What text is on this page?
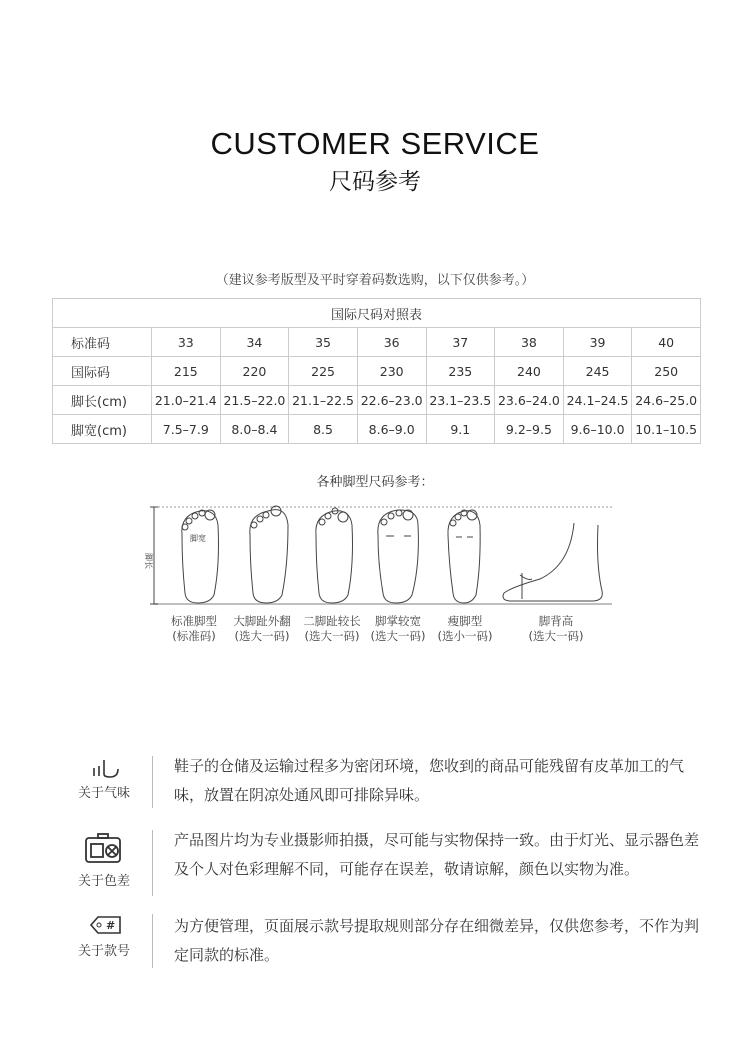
CUSTOMER SERVICE
尺码参考
（建议参考版型及平时穿着码数选购，以下仅供参考。）
国际尺码对照表								
标准码	33	34	35	36	37	38	39	40
国际码	215	220	225	230	235	240	245	250
脚长(cm)	21.0–21.4	21.5–22.0	21.1–22.5	22.6–23.0	23.1–23.5	23.6–24.0	24.1–24.5	24.6–25.0
脚宽(cm)	7.5–7.9	8.0–8.4	8.5	8.6–9.0	9.1	9.2–9.5	9.6–10.0	10.1–10.5
各种脚型尺码参考：
脚宽
脚长
标准脚型
(标准码)
大脚趾外翻
(选大一码)
二脚趾较长
(选大一码)
脚掌较宽
(选大一码)
瘦脚型
(选小一码)
脚背高
(选大一码)
关于气味
鞋子的仓储及运输过程多为密闭环境，您收到的商品可能残留有皮革加工的气味，放置在阴凉处通风即可排除异味。
关于色差
产品图片均为专业摄影师拍摄，尽可能与实物保持一致。由于灯光、显示器色差及个人对色彩理解不同，可能存在误差，敬请谅解，颜色以实物为准。
#
关于款号
为方便管理，页面展示款号提取规则部分存在细微差异，仅供您参考，不作为判定同款的标准。
